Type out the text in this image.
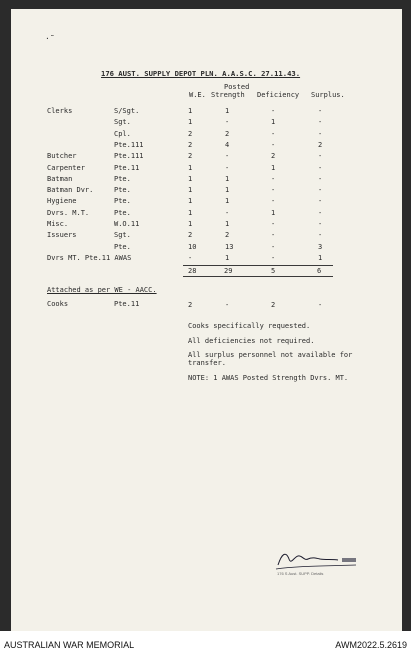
·˜
176 AUST. SUPPLY DEPOT PLN. A.A.S.C. 27.11.43.
Posted
W.E. Strength Deficiency Surplus.
Clerks	S/Sgt.	1	1	-	-
Sgt.	1	-	1	-
Cpl.	2	2	-	-
Pte.111	2	4	-	2
Butcher	Pte.111	2	-	2	-
Carpenter	Pte.11	1	-	1	-
Batman	Pte.	1	1	-	-
Batman Dvr.	Pte.	1	1	-	-
Hygiene	Pte.	1	1	-	-
Dvrs. M.T.	Pte.	1	-	1	-
Misc.	W.O.11	1	1	-	-
Issuers	Sgt.	2	2	-	-
Pte.	10	13	-	3
Dvrs MT. Pte.11 AWAS	-	1	-	1
28	29	5	6
Attached as per WE - AACC.
Cooks	Pte.11	2	-	2	-
Cooks specifically requested.
All deficiencies not required.
All surplus personnel not available for
transfer.
NOTE: 1 AWAS Posted Strength Dvrs. MT.
176 S Aust. SUPP. Details
AUSTRALIAN WAR MEMORIAL	AWM2022.5.2619
